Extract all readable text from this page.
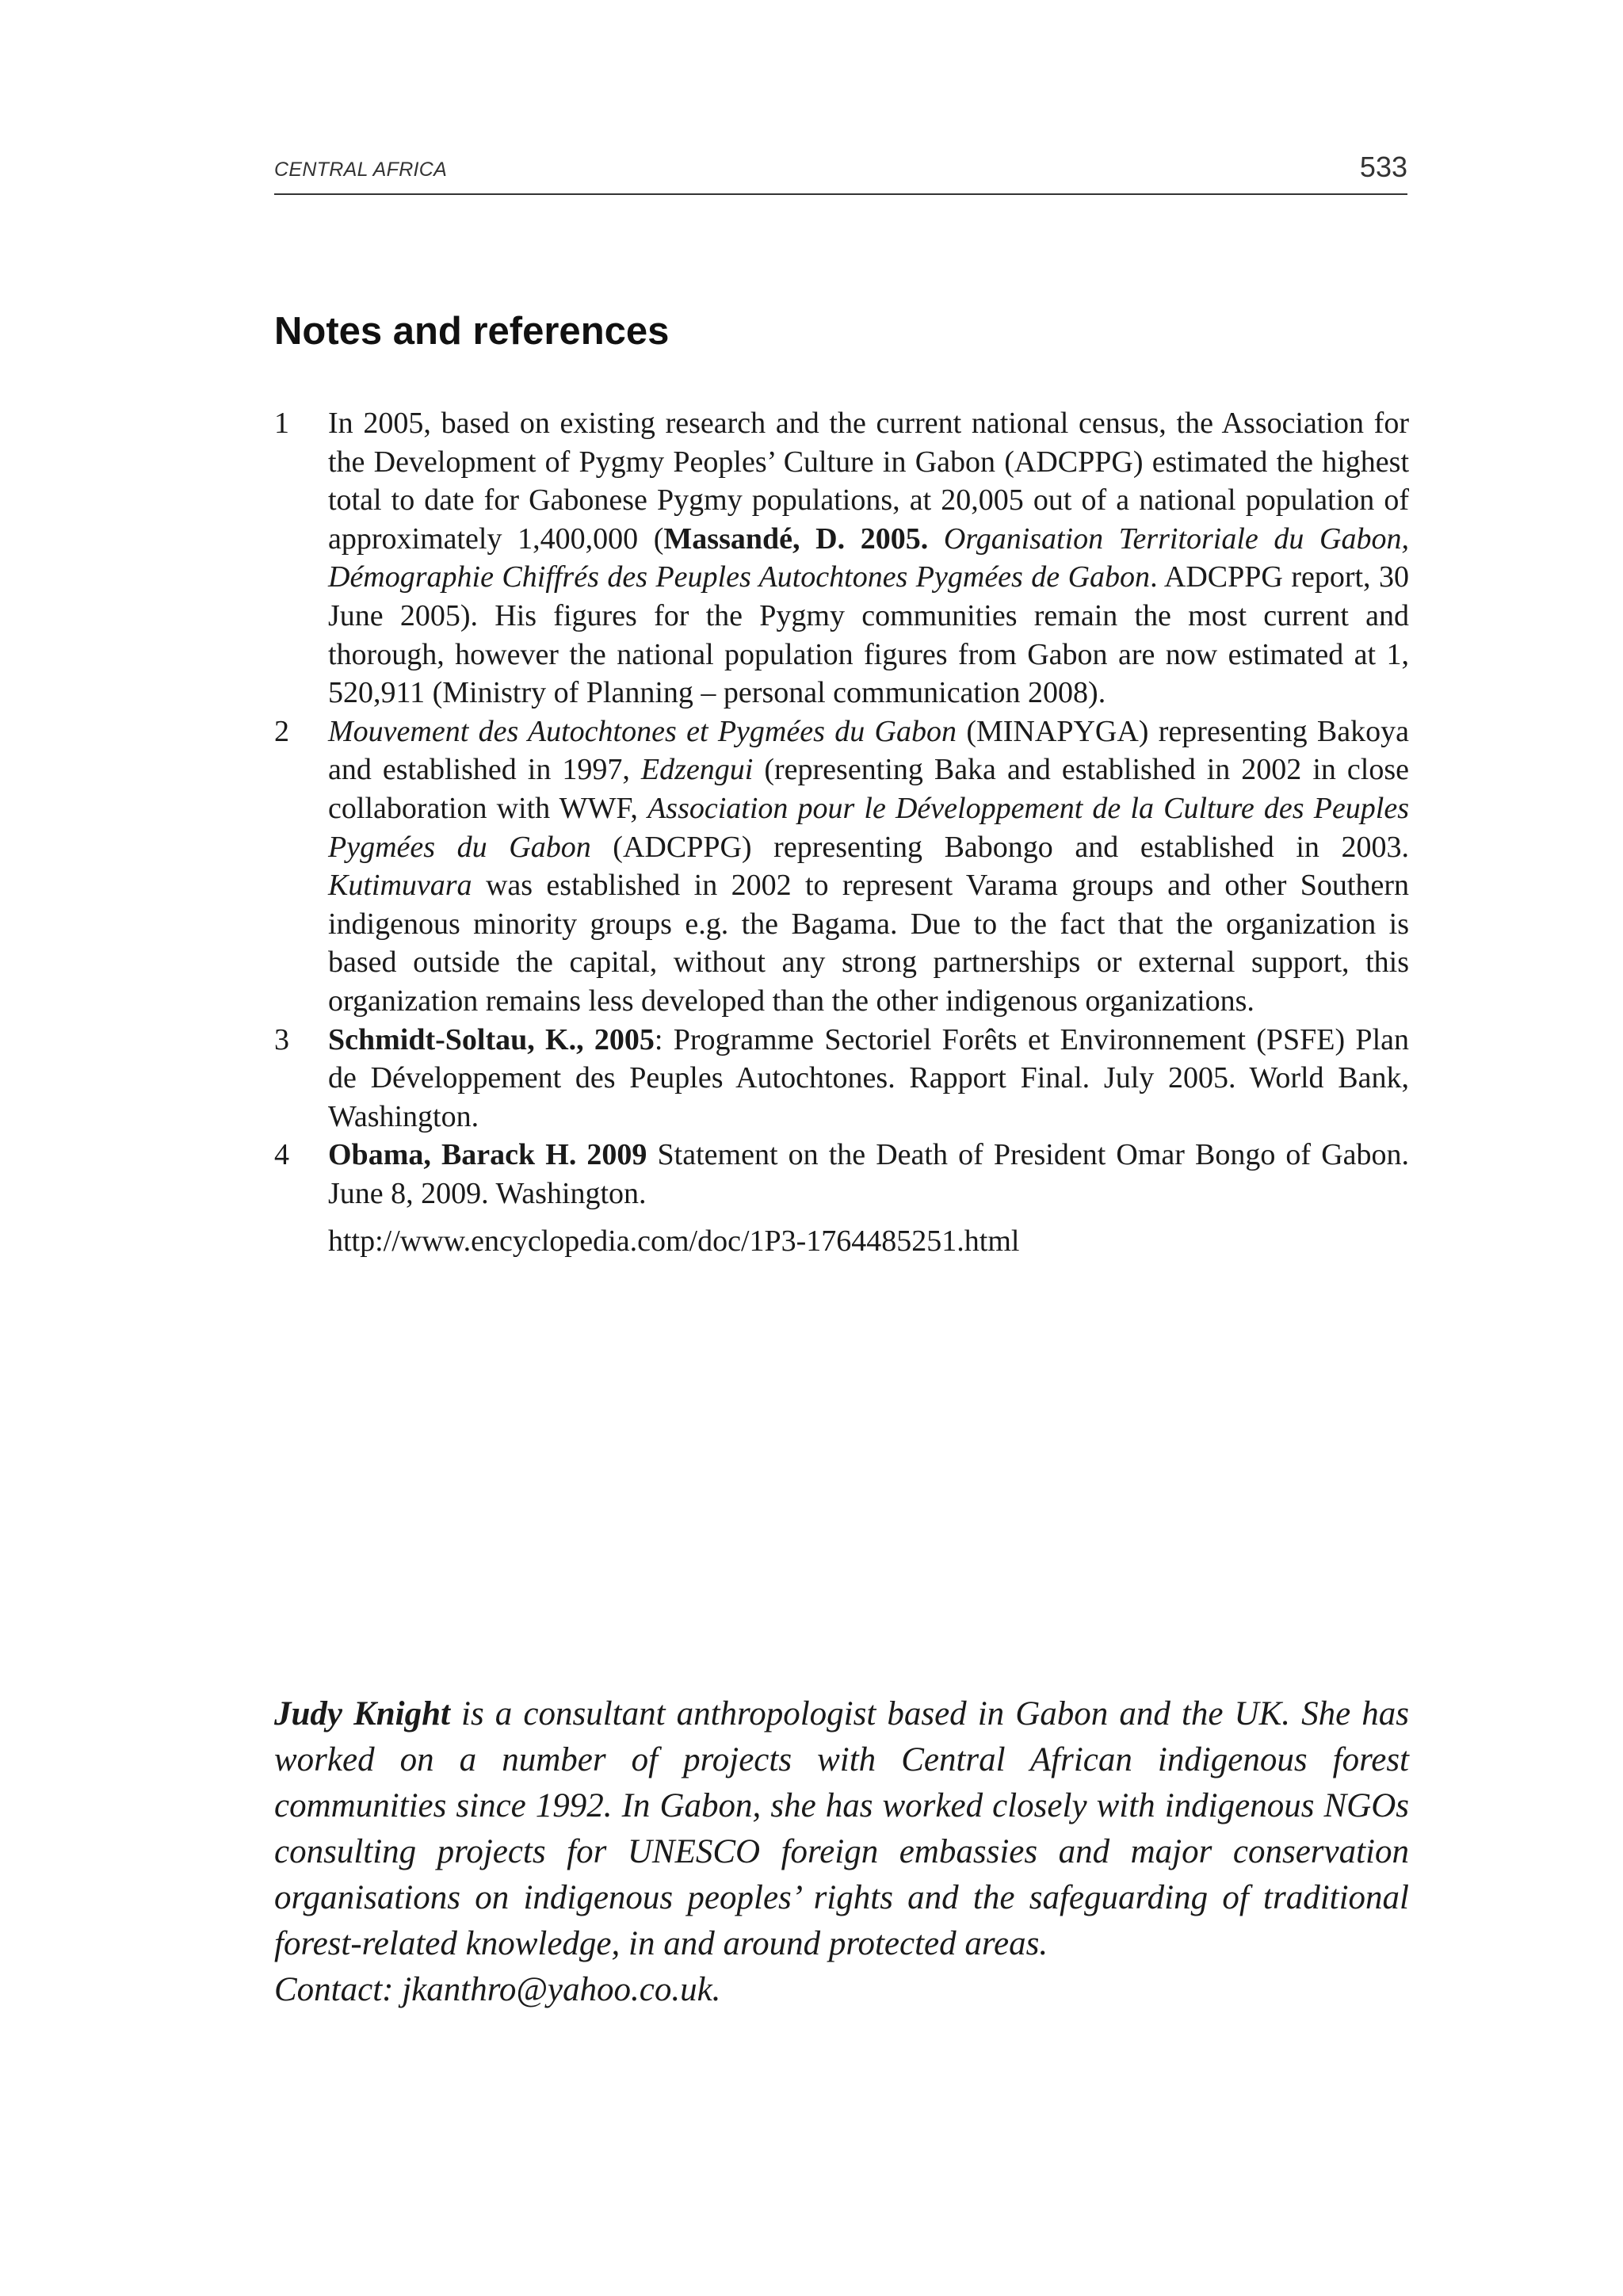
CENTRAL AFRICA	533
Notes and references
1 In 2005, based on existing research and the current national census, the Association for the Development of Pygmy Peoples’ Culture in Gabon (ADCPPG) estimated the highest total to date for Gabonese Pygmy populations, at 20,005 out of a national population of approximately 1,400,000 (Massandé, D. 2005. Organisation Territoriale du Gabon, Démographie Chiffrés des Peuples Autochtones Pygmées de Gabon. ADCPPG report, 30 June 2005). His figures for the Pygmy communities remain the most current and thorough, however the national population figures from Gabon are now estimated at 1, 520,911 (Ministry of Planning – personal communication 2008).
2 Mouvement des Autochtones et Pygmées du Gabon (MINAPYGA) representing Bakoya and established in 1997, Edzengui (representing Baka and established in 2002 in close collaboration with WWF, Association pour le Développement de la Culture des Peuples Pygmées du Gabon (ADCPPG) representing Babongo and established in 2003. Kutimuvara was established in 2002 to represent Varama groups and other Southern indigenous minority groups e.g. the Bagama. Due to the fact that the organization is based outside the capital, without any strong partnerships or external support, this organization remains less developed than the other indigenous organizations.
3 Schmidt-Soltau, K., 2005: Programme Sectoriel Forêts et Environnement (PSFE) Plan de Développement des Peuples Autochtones. Rapport Final. July 2005. World Bank, Washington.
4 Obama, Barack H. 2009 Statement on the Death of President Omar Bongo of Gabon. June 8, 2009. Washington.
http://www.encyclopedia.com/doc/1P3-1764485251.html
Judy Knight is a consultant anthropologist based in Gabon and the UK. She has worked on a number of projects with Central African indigenous forest communities since 1992. In Gabon, she has worked closely with indigenous NGOs consulting projects for UNESCO foreign embassies and major conservation organisations on indigenous peoples’ rights and the safeguarding of traditional forest-related knowledge, in and around protected areas.
Contact: jkanthro@yahoo.co.uk.
